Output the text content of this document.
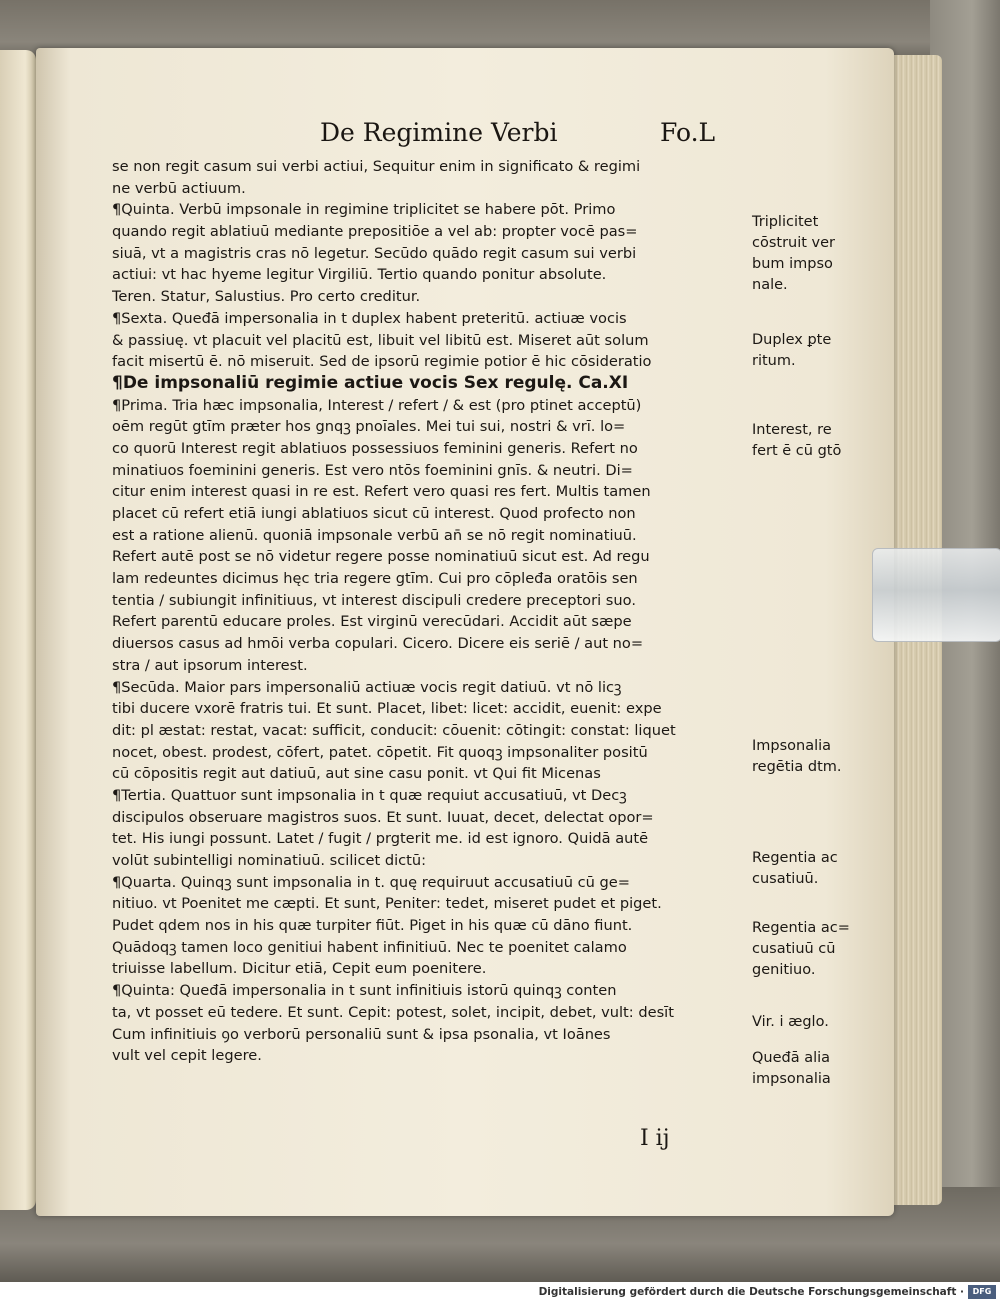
De Regimine Verbi	Fo.L
se non regit casum sui verbi actiui, Sequitur enim in significato & regimi
ne verbū actiuum.
¶Quinta. Verbū impsonale in regimine triplicitet se habere pōt. Primo
quando regit ablatiuū mediante prepositiōe a vel ab: propter vocē pas=
siuā, vt a magistris cras nō legetur. Secūdo quādo regit casum sui verbi
actiui: vt hac hyeme legitur Virgiliū. Tertio quando ponitur absolute.
Teren. Statur, Salustius. Pro certo creditur.
¶Sexta. Queđā impersonalia in t duplex habent preteritū. actiuæ vocis
& passiuę. vt placuit vel placitū est, libuit vel libitū est. Miseret aūt solum
facit misertū ē. nō miseruit. Sed de ipsorū regimie potior ē hic cōsideratio
¶De impsonaliū regimie actiue vocis Sex regulę. Ca.XI
¶Prima. Tria hæc impsonalia, Interest / refert / & est (pro ptinet acceptū)
oēm regūt gtīm præter hos gnqꝫ pnoīales. Mei tui sui, nostri & vrī. lo=
co quorū Interest regit ablatiuos possessiuos feminini generis. Refert no
minatiuos foeminini generis. Est vero ntōs foeminini gnīs. & neutri. Di=
citur enim interest quasi in re est. Refert vero quasi res fert. Multis tamen
placet cū refert etiā iungi ablatiuos sicut cū interest. Quod profecto non
est a ratione alienū. quoniā impsonale verbū an̄ se nō regit nominatiuū.
Refert autē post se nō videtur regere posse nominatiuū sicut est. Ad regu
lam redeuntes dicimus hęc tria regere gtīm. Cui pro cōpleđa oratōis sen
tentia / subiungit infinitiuus, vt interest discipuli credere preceptori suo.
Refert parentū educare proles. Est virginū verecūdari. Accidit aūt sæpe
diuersos casus ad hmōi verba copulari. Cicero. Dicere eis seriē / aut no=
stra / aut ipsorum interest.
¶Secūda. Maior pars impersonaliū actiuæ vocis regit datiuū. vt nō licꝫ
tibi ducere vxorē fratris tui. Et sunt. Placet, libet: licet: accidit, euenit: expe
dit: pl æstat: restat, vacat: sufficit, conducit: cōuenit: cōtingit: constat: liquet
nocet, obest. prodest, cōfert, patet. cōpetit. Fit quoqꝫ impsonaliter positū
cū cōpositis regit aut datiuū, aut sine casu ponit. vt Qui fit Micenas
¶Tertia. Quattuor sunt impsonalia in t quæ requiut accusatiuū, vt Decꝫ
discipulos obseruare magistros suos. Et sunt. Iuuat, decet, delectat opor=
tet. His iungi possunt. Latet / fugit / prgterit me. id est ignoro. Quidā autē
volūt subintelligi nominatiuū. scilicet dictū:
¶Quarta. Quinqꝫ sunt impsonalia in t. quę requiruut accusatiuū cū ge=
nitiuo. vt Poenitet me cæpti. Et sunt, Peniter: tedet, miseret pudet et piget.
Pudet qdem nos in his quæ turpiter fiūt. Piget in his quæ cū dāno fiunt.
Quādoqꝫ tamen loco genitiui habent infinitiuū. Nec te poenitet calamo
triuisse labellum. Dicitur etiā, Cepit eum poenitere.
¶Quinta: Queđā impersonalia in t sunt infinitiuis istorū quinqꝫ conten
ta, vt posset eū tedere. Et sunt. Cepit: potest, solet, incipit, debet, vult: desīt
Cum infinitiuis ꝯo verborū personaliū sunt & ipsa psonalia, vt Ioānes
vult vel cepit legere.
Triplicitet
cōstruit ver
bum impso
nale.
Duplex ꝑte
ritum.
Interest, re
fert ē cū gtō
Impsonalia
regētia dtm.
Regentia ac
cusatiuū.
Regentia ac=
cusatiuū cū
genitiuo.
Vir. i æglo.
Queđā alia
impsonalia
I ij
Digitalisierung gefördert durch die Deutsche Forschungsgemeinschaft ·	DFG
